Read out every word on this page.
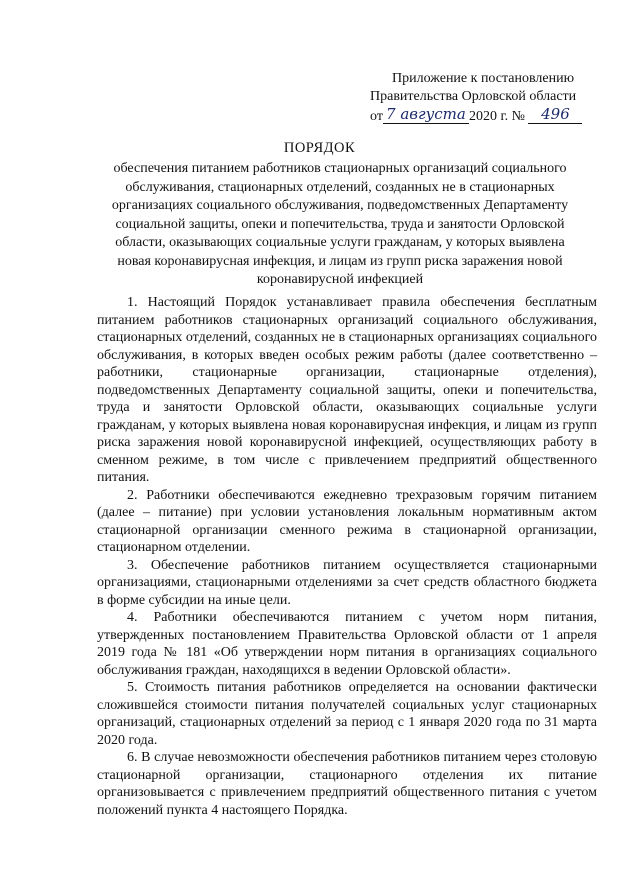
Приложение к постановлению
Правительства Орловской области
от 7 августа 2020 г. № 496
ПОРЯДОК
обеспечения питанием работников стационарных организаций социального обслуживания, стационарных отделений, созданных не в стационарных организациях социального обслуживания, подведомственных Департаменту социальной защиты, опеки и попечительства, труда и занятости Орловской области, оказывающих социальные услуги гражданам, у которых выявлена новая коронавирусная инфекция, и лицам из групп риска заражения новой коронавирусной инфекцией

1. Настоящий Порядок устанавливает правила обеспечения бесплатным питанием работников стационарных организаций социального обслуживания, стационарных отделений, созданных не в стационарных организациях социального обслуживания, в которых введен особых режим работы (далее соответственно – работники, стационарные организации, стационарные отделения), подведомственных Департаменту социальной защиты, опеки и попечительства, труда и занятости Орловской области, оказывающих социальные услуги гражданам, у которых выявлена новая коронавирусная инфекция, и лицам из групп риска заражения новой коронавирусной инфекцией, осуществляющих работу в сменном режиме, в том числе с привлечением предприятий общественного питания.

2. Работники обеспечиваются ежедневно трехразовым горячим питанием (далее – питание) при условии установления локальным нормативным актом стационарной организации сменного режима в стационарной организации, стационарном отделении.

3. Обеспечение работников питанием осуществляется стационарными организациями, стационарными отделениями за счет средств областного бюджета в форме субсидии на иные цели.

4. Работники обеспечиваются питанием с учетом норм питания, утвержденных постановлением Правительства Орловской области от 1 апреля 2019 года № 181 «Об утверждении норм питания в организациях социального обслуживания граждан, находящихся в ведении Орловской области».

5. Стоимость питания работников определяется на основании фактически сложившейся стоимости питания получателей социальных услуг стационарных организаций, стационарных отделений за период с 1 января 2020 года по 31 марта 2020 года.

6. В случае невозможности обеспечения работников питанием через столовую стационарной организации, стационарного отделения их питание организовывается с привлечением предприятий общественного питания с учетом положений пункта 4 настоящего Порядка.
